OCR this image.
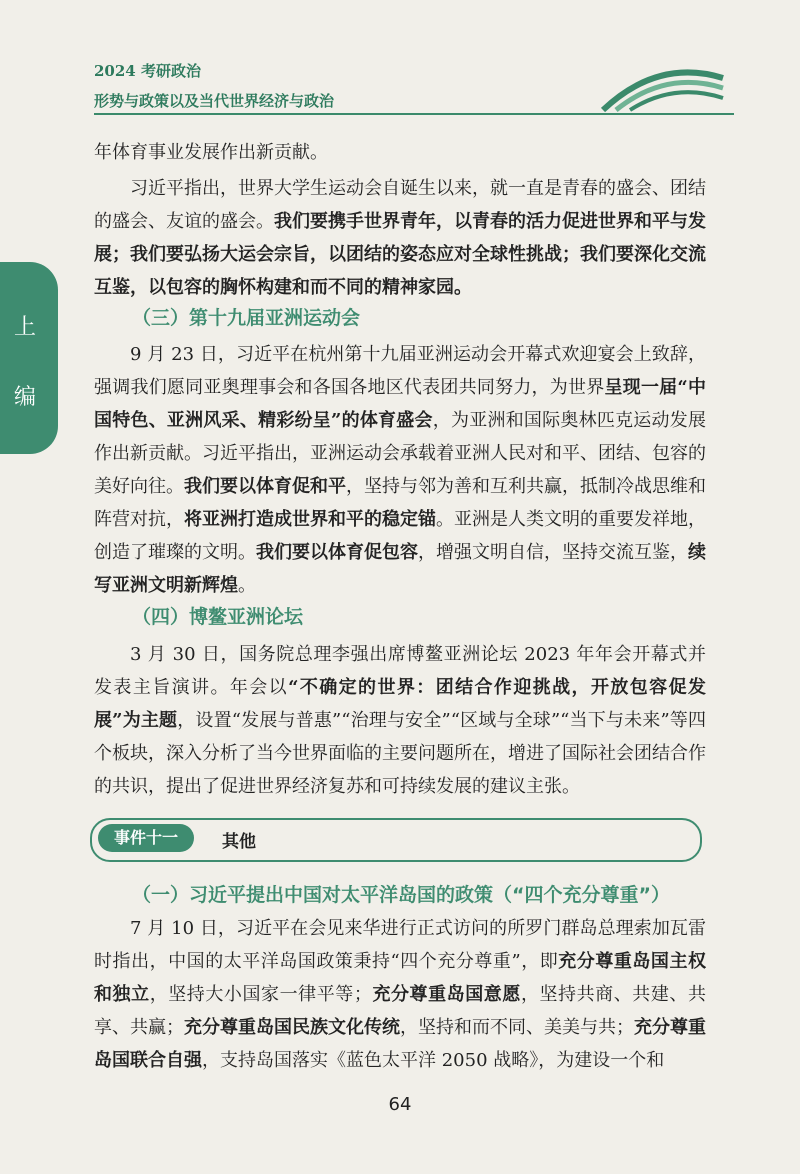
2024 考研政治
形势与政策以及当代世界经济与政治
上
编

年体育事业发展作出新贡献。

习近平指出，世界大学生运动会自诞生以来，就一直是青春的盛会、团结的盛会、友谊的盛会。我们要携手世界青年，以青春的活力促进世界和平与发展；我们要弘扬大运会宗旨，以团结的姿态应对全球性挑战；我们要深化交流互鉴，以包容的胸怀构建和而不同的精神家园。

（三）第十九届亚洲运动会

9 月 23 日，习近平在杭州第十九届亚洲运动会开幕式欢迎宴会上致辞，强调我们愿同亚奥理事会和各国各地区代表团共同努力，为世界呈现一届“中国特色、亚洲风采、精彩纷呈”的体育盛会，为亚洲和国际奥林匹克运动发展作出新贡献。习近平指出，亚洲运动会承载着亚洲人民对和平、团结、包容的美好向往。我们要以体育促和平，坚持与邻为善和互利共赢，抵制冷战思维和阵营对抗，将亚洲打造成世界和平的稳定锚。亚洲是人类文明的重要发祥地，创造了璀璨的文明。我们要以体育促包容，增强文明自信，坚持交流互鉴，续写亚洲文明新辉煌。

（四）博鳌亚洲论坛

3 月 30 日，国务院总理李强出席博鳌亚洲论坛 2023 年年会开幕式并发表主旨演讲。年会以“不确定的世界：团结合作迎挑战，开放包容促发展”为主题，设置“发展与普惠”“治理与安全”“区域与全球”“当下与未来”等四个板块，深入分析了当今世界面临的主要问题所在，增进了国际社会团结合作的共识，提出了促进世界经济复苏和可持续发展的建议主张。

事件十一	其他
（一）习近平提出中国对太平洋岛国的政策（“四个充分尊重”）

7 月 10 日，习近平在会见来华进行正式访问的所罗门群岛总理索加瓦雷时指出，中国的太平洋岛国政策秉持“四个充分尊重”，即充分尊重岛国主权和独立，坚持大小国家一律平等；充分尊重岛国意愿，坚持共商、共建、共享、共赢；充分尊重岛国民族文化传统，坚持和而不同、美美与共；充分尊重岛国联合自强，支持岛国落实《蓝色太平洋 2050 战略》，为建设一个和

64
